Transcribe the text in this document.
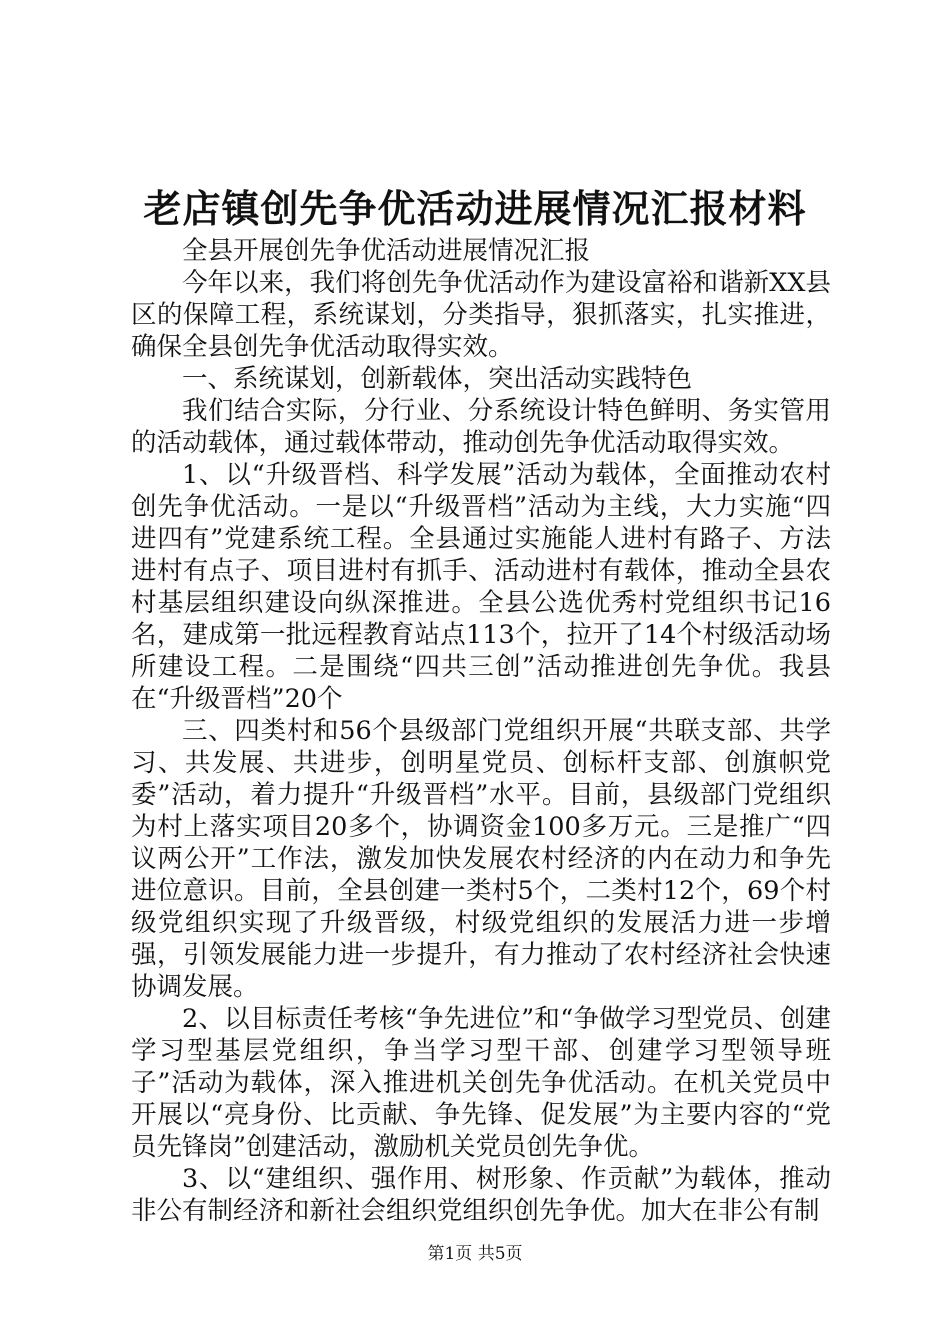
老店镇创先争优活动进展情况汇报材料

全县开展创先争优活动进展情况汇报

今年以来，我们将创先争优活动作为建设富裕和谐新XX县区的保障工程，系统谋划，分类指导，狠抓落实，扎实推进，确保全县创先争优活动取得实效。

一、系统谋划，创新载体，突出活动实践特色

我们结合实际，分行业、分系统设计特色鲜明、务实管用的活动载体，通过载体带动，推动创先争优活动取得实效。

1、以“升级晋档、科学发展”活动为载体，全面推动农村创先争优活动。一是以“升级晋档”活动为主线，大力实施“四进四有”党建系统工程。全县通过实施能人进村有路子、方法进村有点子、项目进村有抓手、活动进村有载体，推动全县农村基层组织建设向纵深推进。全县公选优秀村党组织书记16名，建成第一批远程教育站点113个，拉开了14个村级活动场所建设工程。二是围绕“四共三创”活动推进创先争优。我县在“升级晋档”20个

三、四类村和56个县级部门党组织开展“共联支部、共学习、共发展、共进步，创明星党员、创标杆支部、创旗帜党委”活动，着力提升“升级晋档”水平。目前，县级部门党组织为村上落实项目20多个，协调资金100多万元。三是推广“四议两公开”工作法，激发加快发展农村经济的内在动力和争先进位意识。目前，全县创建一类村5个，二类村12个，69个村级党组织实现了升级晋级，村级党组织的发展活力进一步增强，引领发展能力进一步提升，有力推动了农村经济社会快速协调发展。

2、以目标责任考核“争先进位”和“争做学习型党员、创建学习型基层党组织，争当学习型干部、创建学习型领导班子”活动为载体，深入推进机关创先争优活动。在机关党员中开展以“亮身份、比贡献、争先锋、促发展”为主要内容的“党员先锋岗”创建活动，激励机关党员创先争优。

3、以“建组织、强作用、树形象、作贡献”为载体，推动非公有制经济和新社会组织党组织创先争优。加大在非公有制

第1页 共5页
